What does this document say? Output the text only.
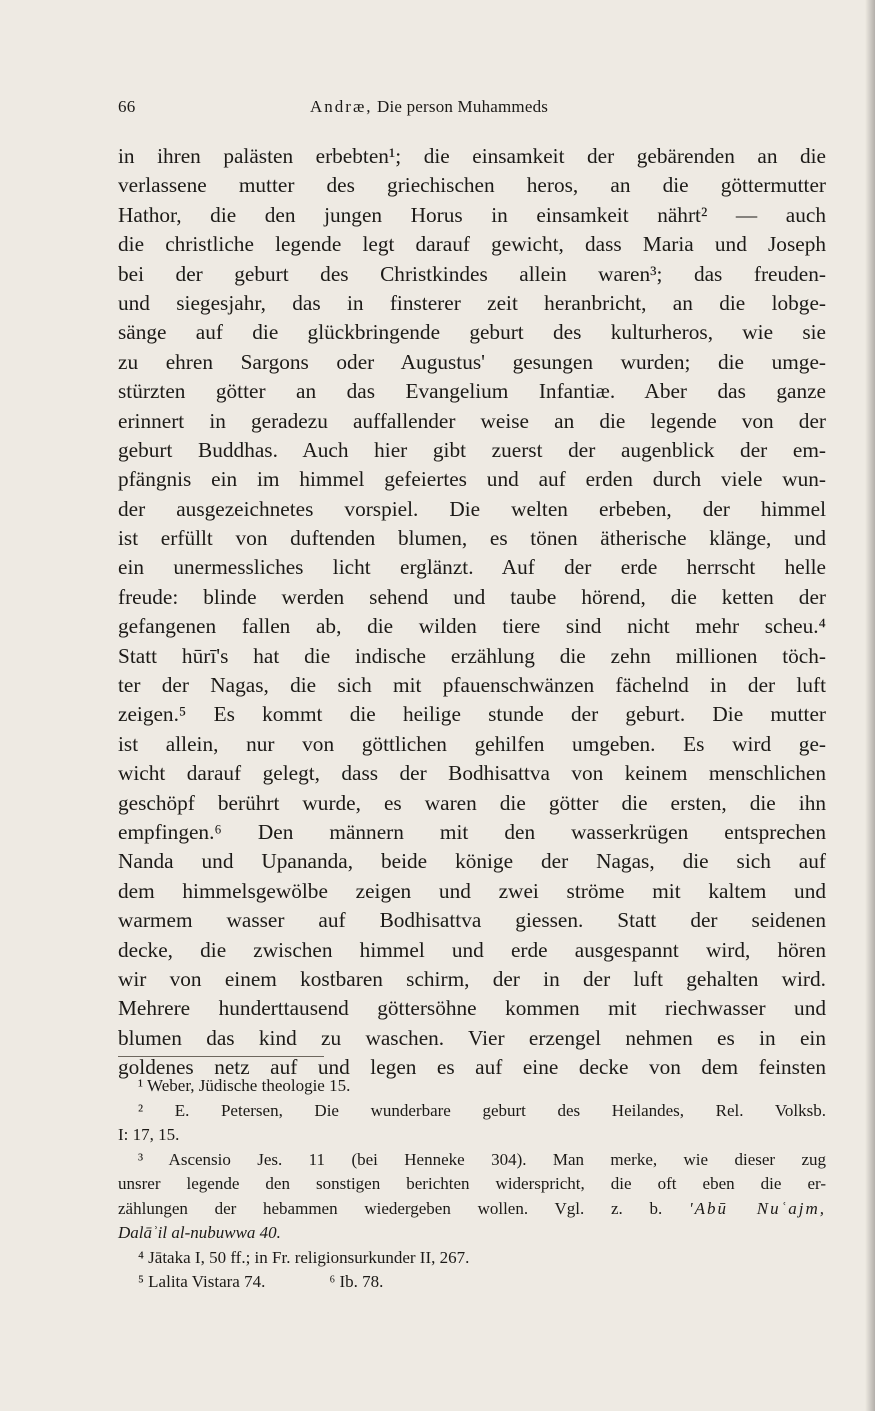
66	Andræ, Die person Muhammeds
in ihren palästen erbebten¹; die einsamkeit der gebärenden an die
verlassene mutter des griechischen heros, an die göttermutter
Hathor, die den jungen Horus in einsamkeit nährt² — auch
die christliche legende legt darauf gewicht, dass Maria und Joseph
bei der geburt des Christkindes allein waren³; das freuden-
und siegesjahr, das in finsterer zeit heranbricht, an die lobge-
sänge auf die glückbringende geburt des kulturheros, wie sie
zu ehren Sargons oder Augustus' gesungen wurden; die umge-
stürzten götter an das Evangelium Infantiæ. Aber das ganze
erinnert in geradezu auffallender weise an die legende von der
geburt Buddhas. Auch hier gibt zuerst der augenblick der em-
pfängnis ein im himmel gefeiertes und auf erden durch viele wun-
der ausgezeichnetes vorspiel. Die welten erbeben, der himmel
ist erfüllt von duftenden blumen, es tönen ätherische klänge, und
ein unermessliches licht erglänzt. Auf der erde herrscht helle
freude: blinde werden sehend und taube hörend, die ketten der
gefangenen fallen ab, die wilden tiere sind nicht mehr scheu.⁴
Statt hūrī's hat die indische erzählung die zehn millionen töch-
ter der Nagas, die sich mit pfauenschwänzen fächelnd in der luft
zeigen.⁵ Es kommt die heilige stunde der geburt. Die mutter
ist allein, nur von göttlichen gehilfen umgeben. Es wird ge-
wicht darauf gelegt, dass der Bodhisattva von keinem menschlichen
geschöpf berührt wurde, es waren die götter die ersten, die ihn
empfingen.⁶ Den männern mit den wasserkrügen entsprechen
Nanda und Upananda, beide könige der Nagas, die sich auf
dem himmelsgewölbe zeigen und zwei ströme mit kaltem und
warmem wasser auf Bodhisattva giessen. Statt der seidenen
decke, die zwischen himmel und erde ausgespannt wird, hören
wir von einem kostbaren schirm, der in der luft gehalten wird.
Mehrere hunderttausend göttersöhne kommen mit riechwasser und
blumen das kind zu waschen. Vier erzengel nehmen es in ein
goldenes netz auf und legen es auf eine decke von dem feinsten
¹ Weber, Jüdische theologie 15.
² E. Petersen, Die wunderbare geburt des Heilandes, Rel. Volksb.
I: 17, 15.
³ Ascensio Jes. 11 (bei Henneke 304). Man merke, wie dieser zug
unsrer legende den sonstigen berichten widerspricht, die oft eben die er-
zählungen der hebammen wiedergeben wollen. Vgl. z. b. 'Abū Nuʿajm,
Dalāʾil al-nubuwwa 40.
⁴ Jātaka I, 50 ff.; in Fr. religionsurkunder II, 267.
⁵ Lalita Vistara 74.	⁶ Ib. 78.
